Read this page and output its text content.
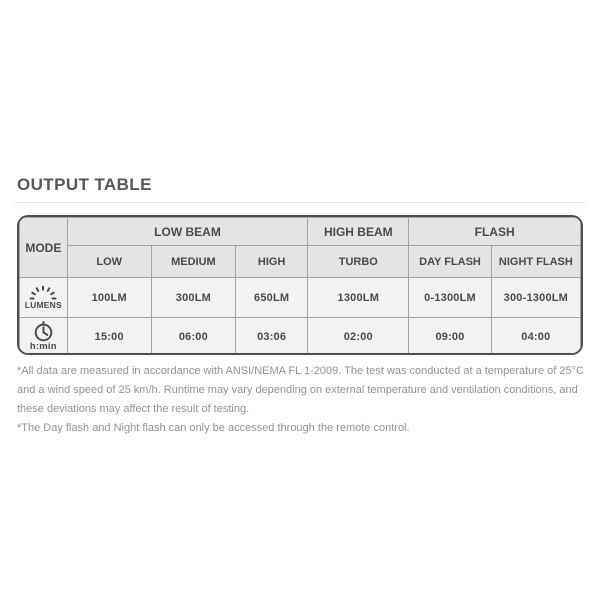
OUTPUT TABLE
MODE	LOW BEAM			HIGH BEAM	FLASH	
	LOW	MEDIUM	HIGH	TURBO	DAY FLASH	NIGHT FLASH

LUMENS	100LM	300LM	650LM	1300LM	0-1300LM	300-1300LM

h:min	15:00	06:00	03:06	02:00	09:00	04:00

*All data are measured in accordance with ANSI/NEMA FL 1-2009. The test was conducted at a temperature of 25°C and a wind speed of 25 km/h. Runtime may vary depending on external temperature and ventilation conditions, and these deviations may affect the result of testing.

*The Day flash and Night flash can only be accessed through the remote control.
